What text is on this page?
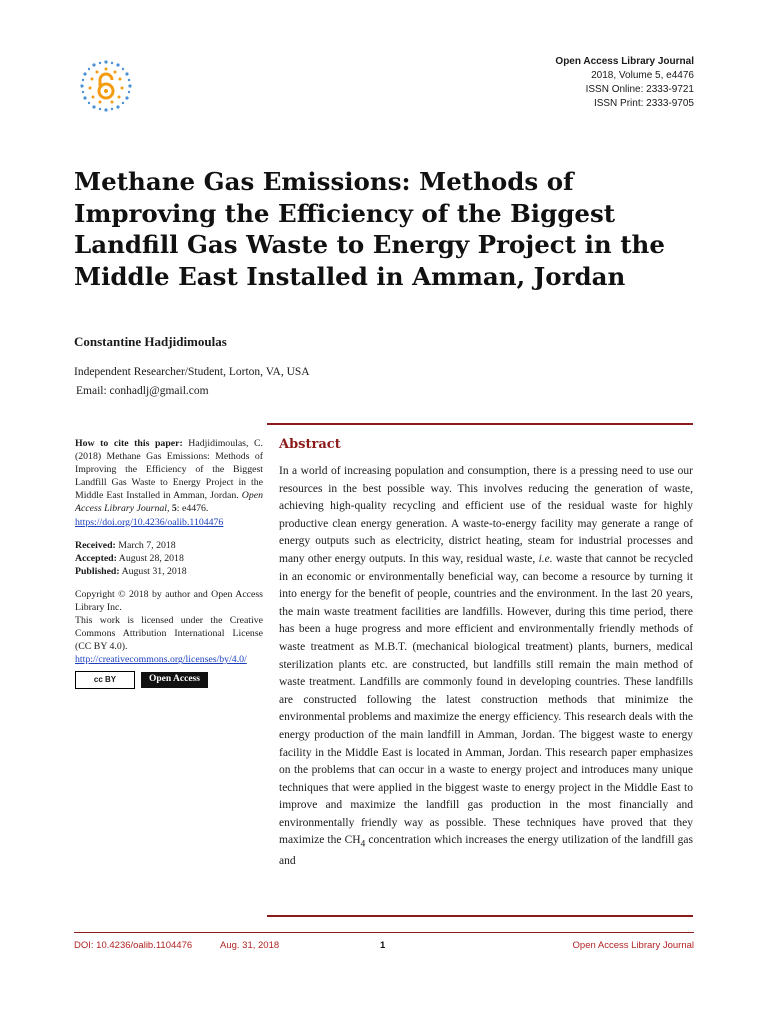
Open Access Library Journal
2018, Volume 5, e4476
ISSN Online: 2333-9721
ISSN Print: 2333-9705
Methane Gas Emissions: Methods of Improving the Efficiency of the Biggest Landfill Gas Waste to Energy Project in the Middle East Installed in Amman, Jordan
Constantine Hadjidimoulas
Independent Researcher/Student, Lorton, VA, USA
Email: conhadlj@gmail.com

How to cite this paper: Hadjidimoulas, C. (2018) Methane Gas Emissions: Methods of Improving the Efficiency of the Biggest Landfill Gas Waste to Energy Project in the Middle East Installed in Amman, Jordan. Open Access Library Journal, 5: e4476.
https://doi.org/10.4236/oalib.1104476

Received: March 7, 2018
Accepted: August 28, 2018
Published: August 31, 2018

Copyright © 2018 by author and Open Access Library Inc.
This work is licensed under the Creative Commons Attribution International License (CC BY 4.0).
http://creativecommons.org/licenses/by/4.0/

cc BY	Open Access
Abstract

In a world of increasing population and consumption, there is a pressing need to use our resources in the best possible way. This involves reducing the generation of waste, achieving high-quality recycling and efficient use of the residual waste for highly productive clean energy generation. A waste-to-energy facility may generate a range of energy outputs such as electricity, district heating, steam for industrial processes and many other energy outputs. In this way, residual waste, i.e. waste that cannot be recycled in an economic or environmentally beneficial way, can become a resource by turning it into energy for the benefit of people, countries and the environment. In the last 20 years, the main waste treatment facilities are landfills. However, during this time period, there has been a huge progress and more efficient and environmentally friendly methods of waste treatment as M.B.T. (mechanical biological treatment) plants, burners, medical sterilization plants etc. are constructed, but landfills still remain the main method of waste treatment. Landfills are commonly found in developing countries. These landfills are constructed following the latest construction methods that minimize the environmental problems and maximize the energy efficiency. This research deals with the energy production of the main landfill in Amman, Jordan. The biggest waste to energy facility in the Middle East is located in Amman, Jordan. This research paper emphasizes on the problems that can occur in a waste to energy project and introduces many unique techniques that were applied in the biggest waste to energy project in the Middle East to improve and maximize the landfill gas production in the most financially and environmentally friendly way as possible. These techniques have proved that they maximize the $CH_4$ concentration which increases the energy utilization of the landfill gas and

DOI: 10.4236/oalib.1104476	Aug. 31, 2018	1	Open Access Library Journal
